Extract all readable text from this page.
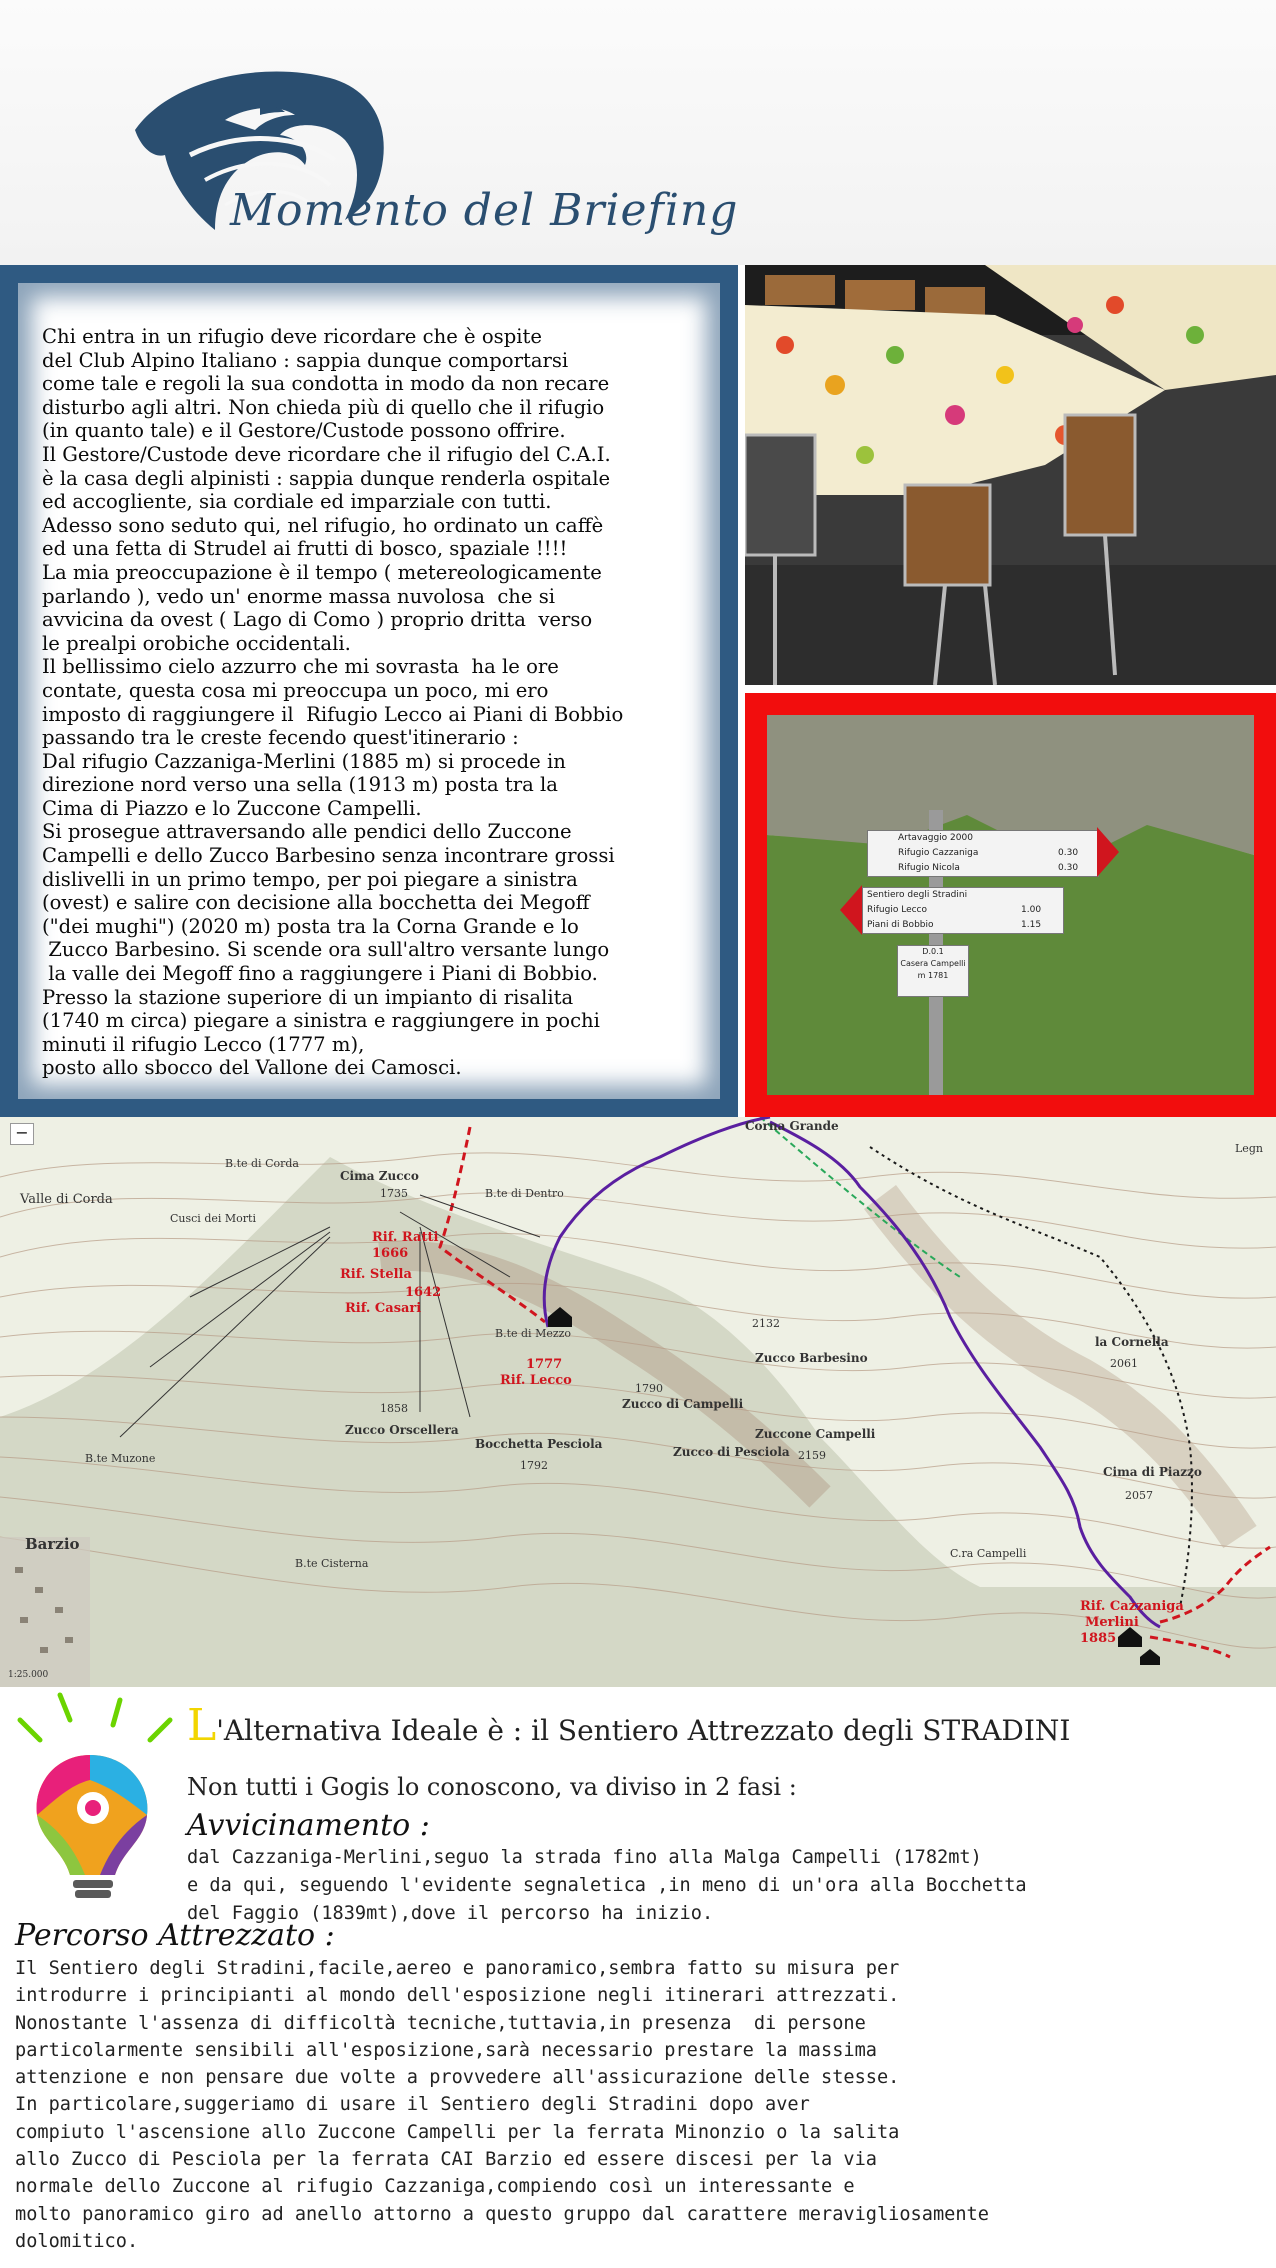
Momento del Briefing
Chi entra in un rifugio deve ricordare che è ospite
del Club Alpino Italiano : sappia dunque comportarsi
come tale e regoli la sua condotta in modo da non recare
disturbo agli altri. Non chieda più di quello che il rifugio
(in quanto tale) e il Gestore/Custode possono offrire.
Il Gestore/Custode deve ricordare che il rifugio del C.A.I.
è la casa degli alpinisti : sappia dunque renderla ospitale
ed accogliente, sia cordiale ed imparziale con tutti.
Adesso sono seduto qui, nel rifugio, ho ordinato un caffè
ed una fetta di Strudel ai frutti di bosco, spaziale !!!!
La mia preoccupazione è il tempo ( metereologicamente
parlando ), vedo un' enorme massa nuvolosa  che si
avvicina da ovest ( Lago di Como ) proprio dritta  verso
le prealpi orobiche occidentali.
Il bellissimo cielo azzurro che mi sovrasta  ha le ore
contate, questa cosa mi preoccupa un poco, mi ero
imposto di raggiungere il  Rifugio Lecco ai Piani di Bobbio
passando tra le creste fecendo quest'itinerario :
Dal rifugio Cazzaniga-Merlini (1885 m) si procede in
direzione nord verso una sella (1913 m) posta tra la
Cima di Piazzo e lo Zuccone Campelli.
Si prosegue attraversando alle pendici dello Zuccone
Campelli e dello Zucco Barbesino senza incontrare grossi
dislivelli in un primo tempo, per poi piegare a sinistra
(ovest) e salire con decisione alla bocchetta dei Megoff
("dei mughi") (2020 m) posta tra la Corna Grande e lo
Zucco Barbesino. Si scende ora sull'altro versante lungo
la valle dei Megoff fino a raggiungere i Piani di Bobbio.
Presso la stazione superiore di un impianto di risalita
(1740 m circa) piegare a sinistra e raggiungere in pochi
minuti il rifugio Lecco (1777 m),
posto allo sbocco del Vallone dei Camosci.
Artavaggio 2000
Rifugio Cazzaniga
Rifugio Nicola
0.30
0.30
Sentiero degli Stradini
Rifugio Lecco
Piani di Bobbio
1.00
1.15
D.0.1
Casera Campelli
m 1781
−	Corna Grande
Cima Zucco
1735
Rif. Ratti
1666
Rif. Stella
1642
Rif. Casari
1777
Rif. Lecco
Zucco Barbesino
Zucco di Campelli
Zuccone Campelli
Zucco di Pesciola
Zucco Orscellera
Bocchetta Pesciola
la Cornella
Cima di Piazzo
2057
Barzio
Rif. Cazzaniga
Merlini
1885
B.te di Corda
Valle di Corda
Cusci dei Morti
B.te di Dentro
B.te di Mezzo
B.te Muzone
B.te Cisterna
C.ra Campelli
Legn
2132
2159
1790
1858
1792
2061
1:25.000
L'Alternativa Ideale è : il Sentiero Attrezzato degli STRADINI
Non tutti i Gogis lo conoscono, va diviso in 2 fasi :
Avvicinamento :
dal Cazzaniga-Merlini,seguo la strada fino alla Malga Campelli (1782mt)
e da qui, seguendo l'evidente segnaletica ,in meno di un'ora alla Bocchetta
del Faggio (1839mt),dove il percorso ha inizio.
Percorso Attrezzato :
Il Sentiero degli Stradini,facile,aereo e panoramico,sembra fatto su misura per
introdurre i principianti al mondo dell'esposizione negli itinerari attrezzati.
Nonostante l'assenza di difficoltà tecniche,tuttavia,in presenza  di persone
particolarmente sensibili all'esposizione,sarà necessario prestare la massima
attenzione e non pensare due volte a provvedere all'assicurazione delle stesse.
In particolare,suggeriamo di usare il Sentiero degli Stradini dopo aver
compiuto l'ascensione allo Zuccone Campelli per la ferrata Minonzio o la salita
allo Zucco di Pesciola per la ferrata CAI Barzio ed essere discesi per la via
normale dello Zuccone al rifugio Cazzaniga,compiendo così un interessante e
molto panoramico giro ad anello attorno a questo gruppo dal carattere meravigliosamente
dolomitico.
